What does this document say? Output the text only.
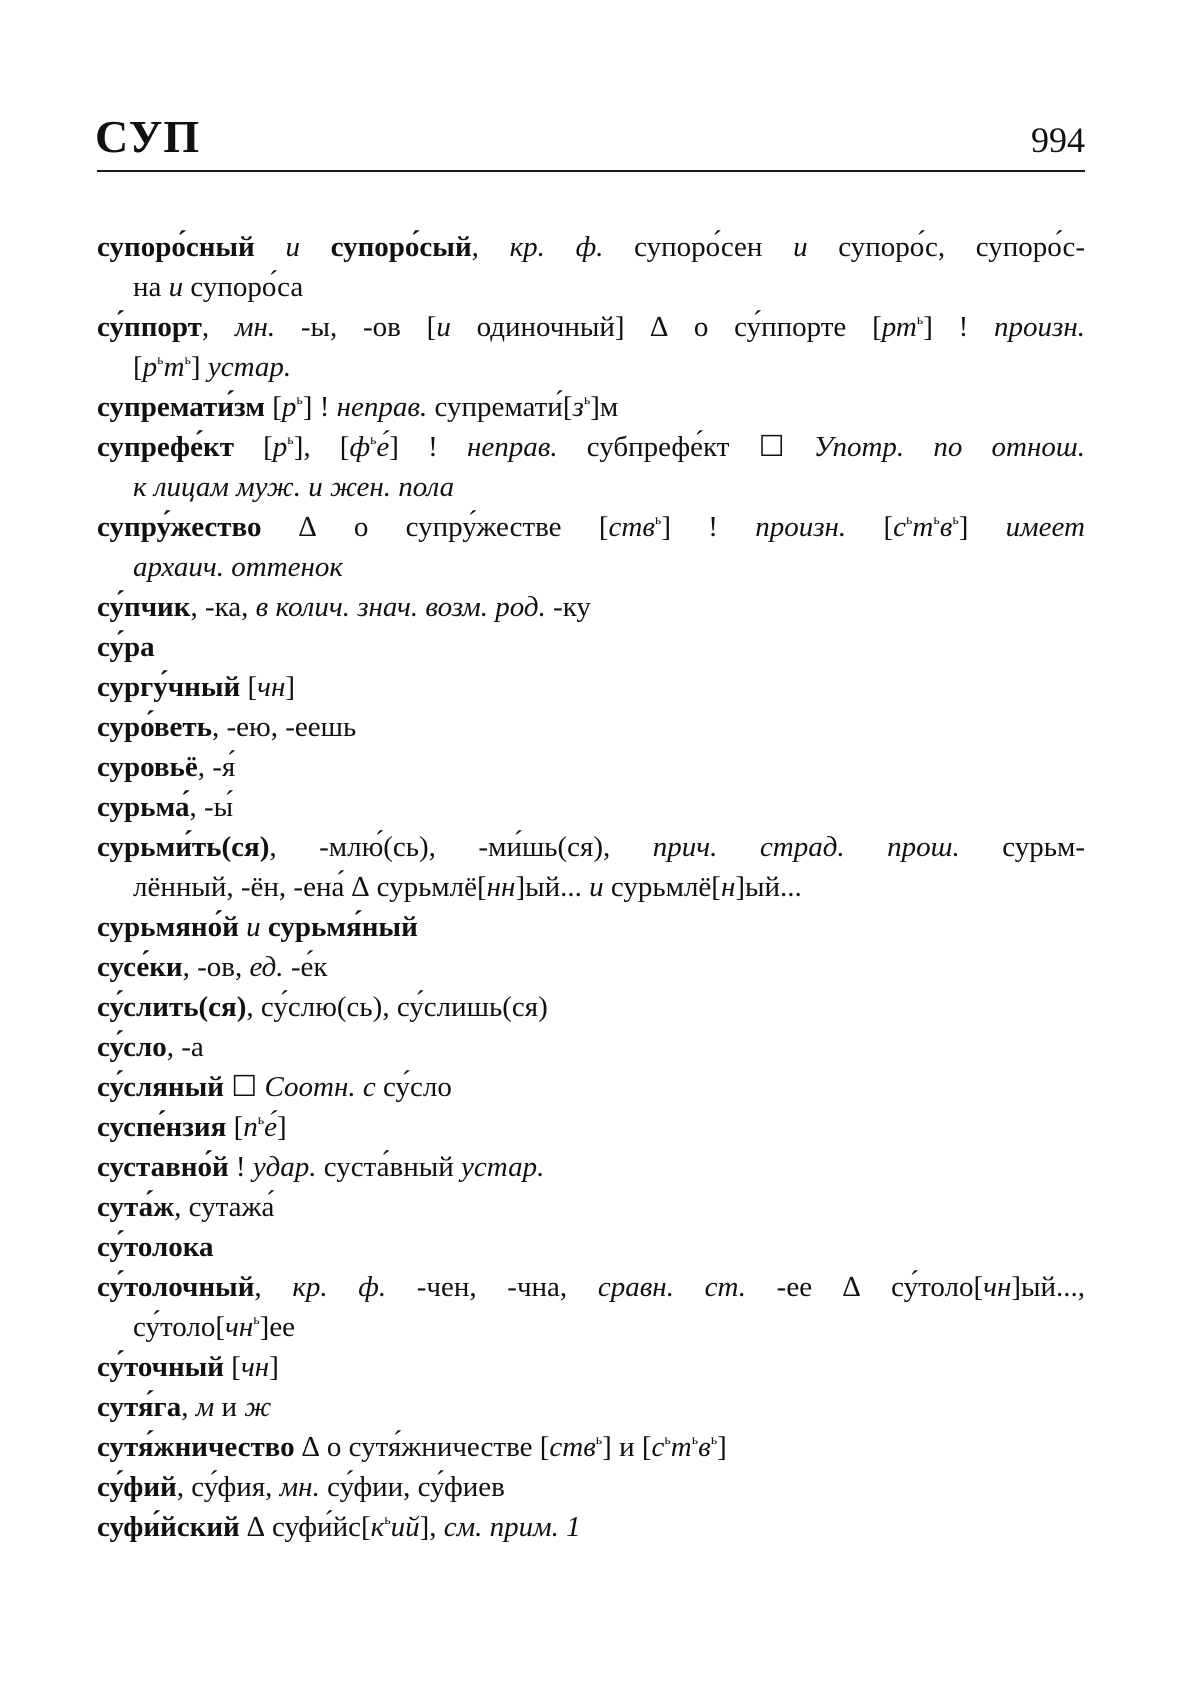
СУП	994
супоро́сный и супоро́сый, кр. ф. супоро́сен и супоро́с, супоро́с-
на и супоро́са
су́ппорт, мн. -ы, -ов [и одиночный] ∆ о су́ппорте $[рт^ь]$ ! произн.
$[р^ьт^ь]$ устар.
супремати́зм $[р^ь]$ ! неправ. $супремати́[з^ь]м$
супрефе́кт $[р^ь]$, $[ф^ье́]$ ! неправ. субпрефе́кт ☐ Употр. по отнош.
к лицам муж. и жен. пола
супру́жество ∆ о супру́жестве [ств$^ь$] ! произн. $[с^ьт^ьв^ь]$ имеет
архаич. оттенок
су́пчик, -ка, в колич. знач. возм. род. -ку
су́ра
сургу́чный [чн]
суро́веть, -ею, -еешь
суровьё, -я́
сурьма́, -ы́
сурьми́ть(ся), -млю́(сь), -ми́шь(ся), прич. страд. прош. сурьм-
лённый, -ён, -ена́ ∆ сурьмлё[нн]ый... и сурьмлё[н]ый...
сурьмяно́й и сурьмя́ный
сусе́ки, -ов, ед. -е́к
су́слить(ся), су́слю(сь), су́слишь(ся)
су́сло, -а
су́сляный ☐ Соотн. с су́сло
суспе́нзия $[п^ье́]$
суставно́й ! удар. суста́вный устар.
сута́ж, сутажа́
су́толока
су́толочный, кр. ф. -чен, -чна, сравн. ст. -ее ∆ су́толо[чн]ый...,
$су́толо[чн^ь]ее$
су́точный [чн]
сутя́га, м и ж
сутя́жничество ∆ о сутя́жничестве [ств$^ь$] и $[с^ьт^ьв^ь]$
су́фий, су́фия, мн. су́фии, су́фиев
суфи́йский ∆ $суфи́йс[к^ьий]$, см. прим. 1
